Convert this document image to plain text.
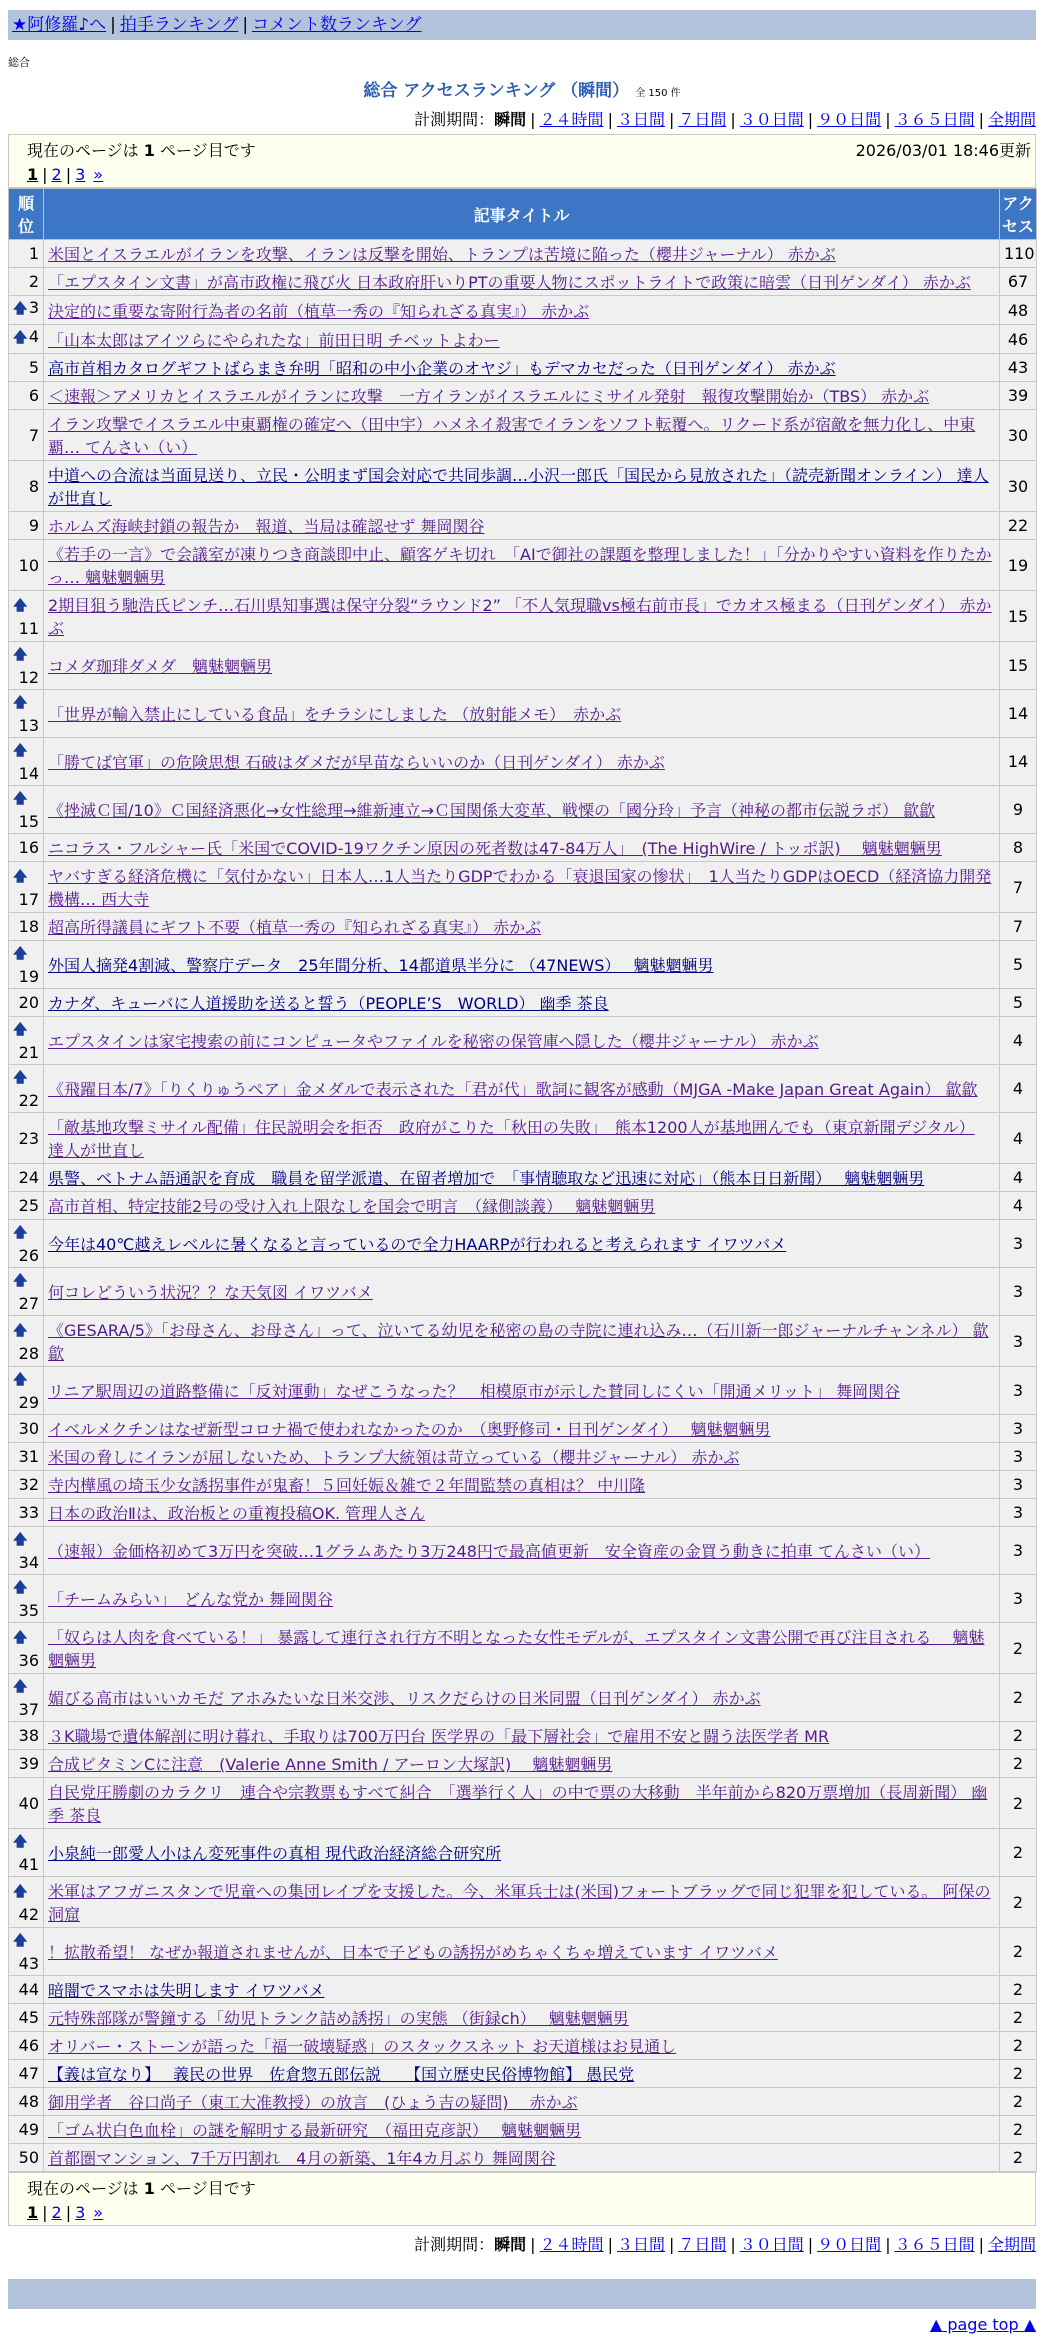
★阿修羅♪へ | 拍手ランキング | コメント数ランキング
総合
総合 アクセスランキング （瞬間） 全 150 件
計測期間：瞬間 | ２４時間 | ３日間 | ７日間 | ３０日間 | ９０日間 | ３６５日間 | 全期間
現在のページは 1 ページ目です	2026/03/01 18:46更新
1 | 2 | 3 »
順位	記事タイトル	アクセス
1	米国とイスラエルがイランを攻撃、イランは反撃を開始、トランプは苦境に陥った（櫻井ジャーナル） 赤かぶ	110
2	「エプスタイン文書」が高市政権に飛び火 日本政府肝いりPTの重要人物にスポットライトで政策に暗雲（日刊ゲンダイ） 赤かぶ	67

🡅 3	決定的に重要な寄附行為者の名前（植草一秀の『知られざる真実』） 赤かぶ	48

🡅 4	「山本太郎はアイツらにやられたな」前田日明 チベットよわー	46
5	高市首相カタログギフトばらまき弁明「昭和の中小企業のオヤジ」もデマカセだった（日刊ゲンダイ） 赤かぶ	43
6	＜速報＞アメリカとイスラエルがイランに攻撃　一方イランがイスラエルにミサイル発射　報復攻撃開始か（TBS） 赤かぶ	39
7	イラン攻撃でイスラエル中東覇権の確定へ（田中宇）ハメネイ殺害でイランをソフト転覆へ。リクード系が宿敵を無力化し、中東覇… てんさい（い）	30
8	中道への合流は当面見送り、立民・公明まず国会対応で共同歩調…小沢一郎氏「国民から見放された」（読売新聞オンライン） 達人が世直し	30
9	ホルムズ海峡封鎖の報告か　報道、当局は確認せず 舞岡関谷	22
10	《若手の一言》で会議室が凍りつき商談即中止、顧客ゲキ切れ　「AIで御社の課題を整理しました！」「分かりやすい資料を作りたかっ… 魑魅魍魎男	19

🡅
11	2期目狙う馳浩氏ピンチ…石川県知事選は保守分裂“ラウンド2” 「不人気現職vs極右前市長」でカオス極まる（日刊ゲンダイ） 赤かぶ	15

🡅
12	コメダ珈琲ダメダ　魑魅魍魎男	15

🡅
13	「世界が輸入禁止にしている食品」をチラシにしました （放射能メモ）　赤かぶ	14

🡅
14	「勝てば官軍」の危険思想 石破はダメだが早苗ならいいのか（日刊ゲンダイ） 赤かぶ	14

🡅
15	《挫滅Ｃ国/10》Ｃ国経済悪化→女性総理→維新連立→Ｃ国関係大変革、戦慄の「國分玲」予言（神秘の都市伝説ラボ） 歙歙	9
16	ニコラス・フルシャー氏「米国でCOVID-19ワクチン原因の死者数は47-84万人」　(The HighWire / トッポ訳)　 魑魅魍魎男	8

🡅
17	ヤバすぎる経済危機に「気付かない」日本人…1人当たりGDPでわかる「衰退国家の惨状」　1人当たりGDPはOECD（経済協力開発機構… 西大寺	7
18	超高所得議員にギフト不要（植草一秀の『知られざる真実』） 赤かぶ	7

🡅
19	外国人摘発4割減、警察庁データ　25年間分析、14都道県半分に （47NEWS）　 魑魅魍魎男	5
20	カナダ、キューバに人道援助を送ると誓う（PEOPLE’S　WORLD） 幽季 茶良	5

🡅
21	エプスタインは家宅捜索の前にコンピュータやファイルを秘密の保管庫へ隠した（櫻井ジャーナル） 赤かぶ	4

🡅
22	《飛躍日本/7》「りくりゅうペア」金メダルで表示された「君が代」歌詞に観客が感動（MJGA -Make Japan Great Again） 歙歙	4
23	「敵基地攻撃ミサイル配備」住民説明会を拒否　政府がこりた「秋田の失敗」　熊本1200人が基地囲んでも（東京新聞デジタル） 達人が世直し	4
24	県警、ベトナム語通訳を育成　職員を留学派遣、在留者増加で　「事情聴取など迅速に対応」（熊本日日新聞）　 魑魅魍魎男	4
25	高市首相、特定技能2号の受け入れ上限なしを国会で明言　（縁側談義）　 魑魅魍魎男	4

🡅
26	今年は40℃越えレベルに暑くなると言っているので全力HAARPが行われると考えられます イワツバメ	3

🡅
27	何コレどういう状況？？な天気図 イワツバメ	3

🡅
28	《GESARA/5》「お母さん、お母さん」って、泣いてる幼児を秘密の島の寺院に連れ込み…（石川新一郎ジャーナルチャンネル） 歙歙	3

🡅
29	リニア駅周辺の道路整備に「反対運動」なぜこうなった？　相模原市が示した賛同しにくい「開通メリット」 舞岡関谷	3
30	イベルメクチンはなぜ新型コロナ禍で使われなかったのか　（奥野修司・日刊ゲンダイ）　 魑魅魍魎男	3
31	米国の脅しにイランが屈しないため、トランプ大統領は苛立っている（櫻井ジャーナル） 赤かぶ	3
32	寺内樺風の埼玉少女誘拐事件が鬼畜！５回妊娠＆雑で２年間監禁の真相は？ 中川隆	3
33	日本の政治Ⅱは、政治板との重複投稿OK. 管理人さん	3

🡅
34	（速報）金価格初めて3万円を突破…1グラムあたり3万248円で最高値更新　安全資産の金買う動きに拍車 てんさい（い）	3

🡅
35	「チームみらい」　どんな党か 舞岡関谷	3

🡅
36	「奴らは人肉を食べている！」 暴露して連行され行方不明となった女性モデルが、エプスタイン文書公開で再び注目される　 魑魅魍魎男	2

🡅
37	媚びる高市はいいカモだ アホみたいな日米交渉、リスクだらけの日米同盟（日刊ゲンダイ） 赤かぶ	2
38	３K職場で遺体解剖に明け暮れ、手取りは700万円台 医学界の「最下層社会」で雇用不安と闘う法医学者 MR	2
39	合成ビタミンCに注意　(Valerie Anne Smith / アーロン大塚訳)　 魑魅魍魎男	2
40	自民党圧勝劇のカラクリ　連合や宗教票もすべて糾合　「選挙行く人」の中で票の大移動　半年前から820万票増加（長周新聞） 幽季 茶良	2

🡅
41	小泉純一郎愛人小はん変死事件の真相 現代政治経済総合研究所	2

🡅
42	米軍はアフガニスタンで児童への集団レイプを支援した。今、米軍兵士は(米国)フォートブラッグで同じ犯罪を犯している。 阿保の洞窟	2

🡅
43	！拡散希望！ なぜか報道されませんが、日本で子どもの誘拐がめちゃくちゃ増えています イワツバメ	2
44	暗闇でスマホは失明します イワツバメ	2
45	元特殊部隊が警鐘する「幼児トランク詰め誘拐」の実態 （街録ch）　 魑魅魍魎男	2
46	オリバー・ストーンが語った「福一破壊疑惑」のスタックスネット お天道様はお見通し	2
47	【義は宣なり】　 義民の世界　佐倉惣五郎伝説　　【国立歴史民俗博物館】 愚民党	2
48	御用学者　谷口尚子（東工大准教授）の放言　(ひょう吉の疑問)　 赤かぶ	2
49	「ゴム状白色血栓」の謎を解明する最新研究　（福田克彦訳）　 魑魅魍魎男	2
50	首都圏マンション、7千万円割れ　4月の新築、1年4カ月ぶり 舞岡関谷	2
現在のページは 1 ページ目です
1 | 2 | 3 »
計測期間：瞬間 | ２４時間 | ３日間 | ７日間 | ３０日間 | ９０日間 | ３６５日間 | 全期間
▲ page top ▲
